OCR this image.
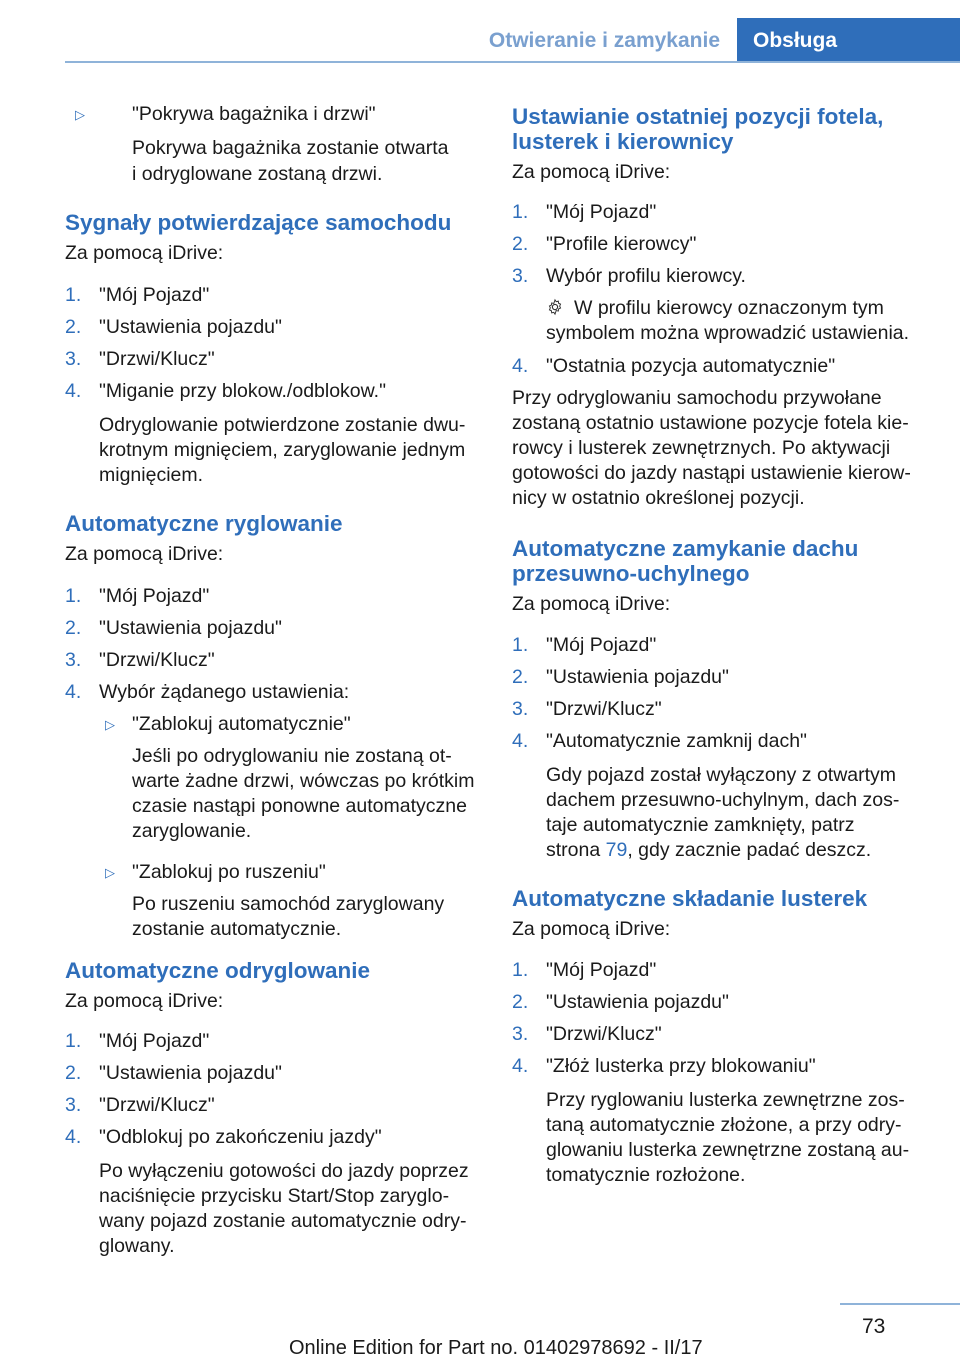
Otwieranie i zamykanie	Obsługa
▷ "Pokrywa bagażnika i drzwi"
Pokrywa bagażnika zostanie otwarta
i odryglowane zostaną drzwi.
Sygnały potwierdzające samochodu
Za pomocą iDrive:
1. "Mój Pojazd"
2. "Ustawienia pojazdu"
3. "Drzwi/Klucz"
4. "Miganie przy blokow./odblokow."
Odryglowanie potwierdzone zostanie dwu-
krotnym mignięciem, zaryglowanie jednym
mignięciem.
Automatyczne ryglowanie
Za pomocą iDrive:
1. "Mój Pojazd"
2. "Ustawienia pojazdu"
3. "Drzwi/Klucz"
4. Wybór żądanego ustawienia:
▷ "Zablokuj automatycznie"
Jeśli po odryglowaniu nie zostaną ot-
warte żadne drzwi, wówczas po krótkim
czasie nastąpi ponowne automatyczne
zaryglowanie.
▷ "Zablokuj po ruszeniu"
Po ruszeniu samochód zaryglowany
zostanie automatycznie.
Automatyczne odryglowanie
Za pomocą iDrive:
1. "Mój Pojazd"
2. "Ustawienia pojazdu"
3. "Drzwi/Klucz"
4. "Odblokuj po zakończeniu jazdy"
Po wyłączeniu gotowości do jazdy poprzez
naciśnięcie przycisku Start/Stop zaryglo-
wany pojazd zostanie automatycznie odry-
glowany.
Ustawianie ostatniej pozycji fotela,
lusterek i kierownicy
Za pomocą iDrive:
1. "Mój Pojazd"
2. "Profile kierowcy"
3. Wybór profilu kierowcy.
W profilu kierowcy oznaczonym tym
symbolem można wprowadzić ustawienia.
4. "Ostatnia pozycja automatycznie"
Przy odryglowaniu samochodu przywołane
zostaną ostatnio ustawione pozycje fotela kie-
rowcy i lusterek zewnętrznych. Po aktywacji
gotowości do jazdy nastąpi ustawienie kierow-
nicy w ostatnio określonej pozycji.
Automatyczne zamykanie dachu
przesuwno-uchylnego
Za pomocą iDrive:
1. "Mój Pojazd"
2. "Ustawienia pojazdu"
3. "Drzwi/Klucz"
4. "Automatycznie zamknij dach"
Gdy pojazd został wyłączony z otwartym
dachem przesuwno-uchylnym, dach zos-
taje automatycznie zamknięty, patrz
strona 79, gdy zacznie padać deszcz.
Automatyczne składanie lusterek
Za pomocą iDrive:
1. "Mój Pojazd"
2. "Ustawienia pojazdu"
3. "Drzwi/Klucz"
4. "Złóż lusterka przy blokowaniu"
Przy ryglowaniu lusterka zewnętrzne zos-
taną automatycznie złożone, a przy odry-
glowaniu lusterka zewnętrzne zostaną au-
tomatycznie rozłożone.
73
Online Edition for Part no. 01402978692 - II/17
